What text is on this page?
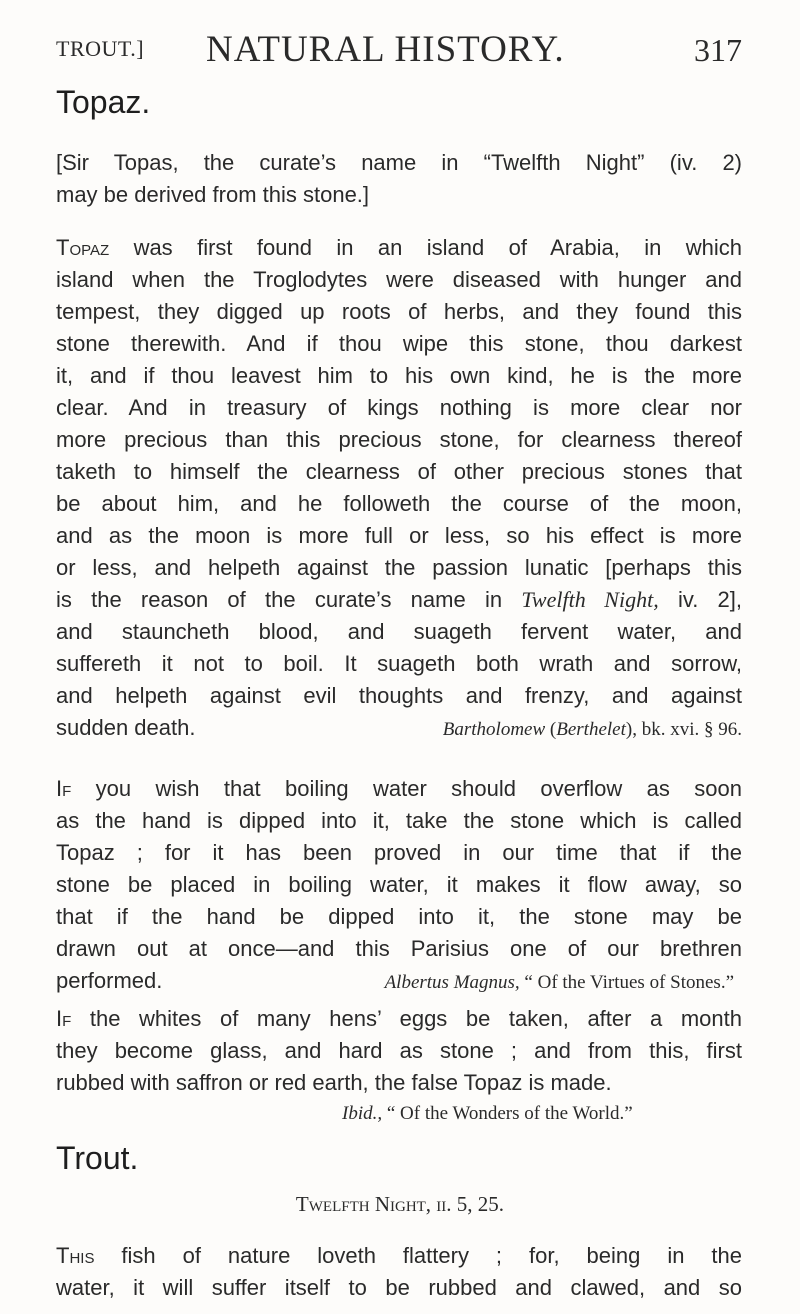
TROUT.] NATURAL HISTORY.	317
Topaz.
[Sir Topas, the curate’s name in “Twelfth Night” (iv. 2)
may be derived from this stone.]
Topaz was first found in an island of Arabia, in which
island when the Troglodytes were diseased with hunger and
tempest, they digged up roots of herbs, and they found this
stone therewith. And if thou wipe this stone, thou darkest
it, and if thou leavest him to his own kind, he is the more
clear. And in treasury of kings nothing is more clear nor
more precious than this precious stone, for clearness thereof
taketh to himself the clearness of other precious stones that
be about him, and he followeth the course of the moon,
and as the moon is more full or less, so his effect is more
or less, and helpeth against the passion lunatic [perhaps this
is the reason of the curate’s name in Twelfth Night, iv. 2],
and stauncheth blood, and suageth fervent water, and
suffereth it not to boil. It suageth both wrath and sorrow,
and helpeth against evil thoughts and frenzy, and against
sudden death.	Bartholomew (Berthelet), bk. xvi. § 96.
If you wish that boiling water should overflow as soon
as the hand is dipped into it, take the stone which is called
Topaz ; for it has been proved in our time that if the
stone be placed in boiling water, it makes it flow away, so
that if the hand be dipped into it, the stone may be
drawn out at once—and this Parisius one of our brethren
performed.	Albertus Magnus, “ Of the Virtues of Stones.”
If the whites of many hens’ eggs be taken, after a month
they become glass, and hard as stone ; and from this, first
rubbed with saffron or red earth, the false Topaz is made.
Ibid., “ Of the Wonders of the World.”
Trout.
Twelfth Night, ii. 5, 25.
This fish of nature loveth flattery ; for, being in the
water, it will suffer itself to be rubbed and clawed, and so
